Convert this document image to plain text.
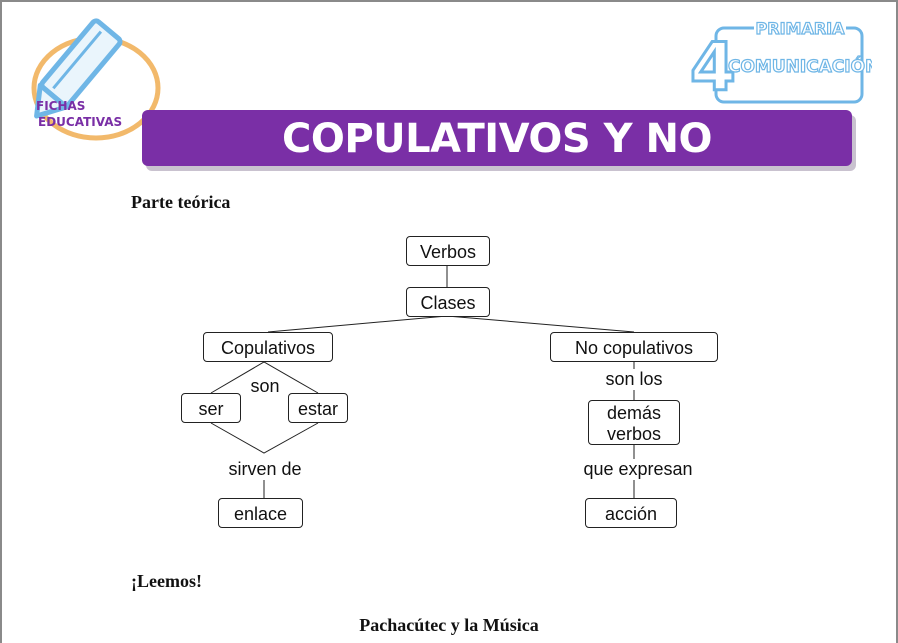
FICHAS
EDUCATIVAS
PRIMARIA
4
COMUNICACIÓN
COPULATIVOS Y NO COPULATIVOS
Parte teórica
Verbos
Clases
Copulativos	No copulativos
ser	estar	demás
verbos
enlace	acción
son
sirven de
son los
que expresan
¡Leemos!
Pachacútec y la Música
